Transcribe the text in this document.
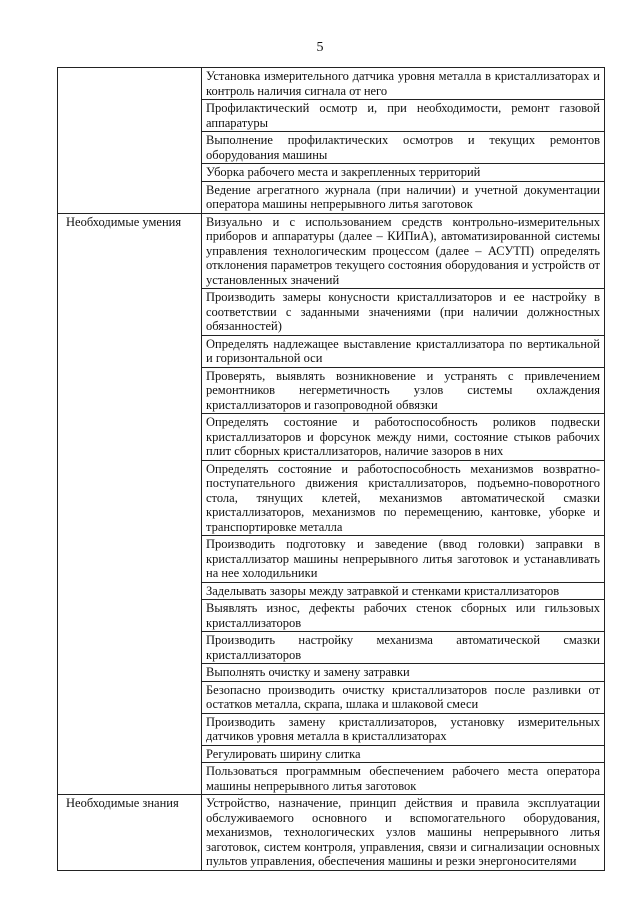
5
	Установка измерительного датчика уровня металла в кристаллизаторах и контроль наличия сигнала от него
	Профилактический осмотр и, при необходимости, ремонт газовой аппаратуры
	Выполнение профилактических осмотров и текущих ремонтов оборудования машины
	Уборка рабочего места и закрепленных территорий
	Ведение агрегатного журнала (при наличии) и учетной документации оператора машины непрерывного литья заготовок
Необходимые умения	Визуально и с использованием средств контрольно-измерительных приборов и аппаратуры (далее – КИПиА), автоматизированной системы управления технологическим процессом (далее – АСУТП) определять отклонения параметров текущего состояния оборудования и устройств от установленных значений
	Производить замеры конусности кристаллизаторов и ее настройку в соответствии с заданными значениями (при наличии должностных обязанностей)
	Определять надлежащее выставление кристаллизатора по вертикальной и горизонтальной оси
	Проверять, выявлять возникновение и устранять с привлечением ремонтников негерметичность узлов системы охлаждения кристаллизаторов и газопроводной обвязки
	Определять состояние и работоспособность роликов подвески кристаллизаторов и форсунок между ними, состояние стыков рабочих плит сборных кристаллизаторов, наличие зазоров в них
	Определять состояние и работоспособность механизмов возвратно-поступательного движения кристаллизаторов, подъемно-поворотного стола, тянущих клетей, механизмов автоматической смазки кристаллизаторов, механизмов по перемещению, кантовке, уборке и транспортировке металла
	Производить подготовку и заведение (ввод головки) заправки в кристаллизатор машины непрерывного литья заготовок и устанавливать на нее холодильники
	Заделывать зазоры между затравкой и стенками кристаллизаторов
	Выявлять износ, дефекты рабочих стенок сборных или гильзовых кристаллизаторов
	Производить настройку механизма автоматической смазки кристаллизаторов
	Выполнять очистку и замену затравки
	Безопасно производить очистку кристаллизаторов после разливки от остатков металла, скрапа, шлака и шлаковой смеси
	Производить замену кристаллизаторов, установку измерительных датчиков уровня металла в кристаллизаторах
	Регулировать ширину слитка
	Пользоваться программным обеспечением рабочего места оператора машины непрерывного литья заготовок
Необходимые знания	Устройство, назначение, принцип действия и правила эксплуатации обслуживаемого основного и вспомогательного оборудования, механизмов, технологических узлов машины непрерывного литья заготовок, систем контроля, управления, связи и сигнализации основных пультов управления, обеспечения машины и резки энергоносителями
